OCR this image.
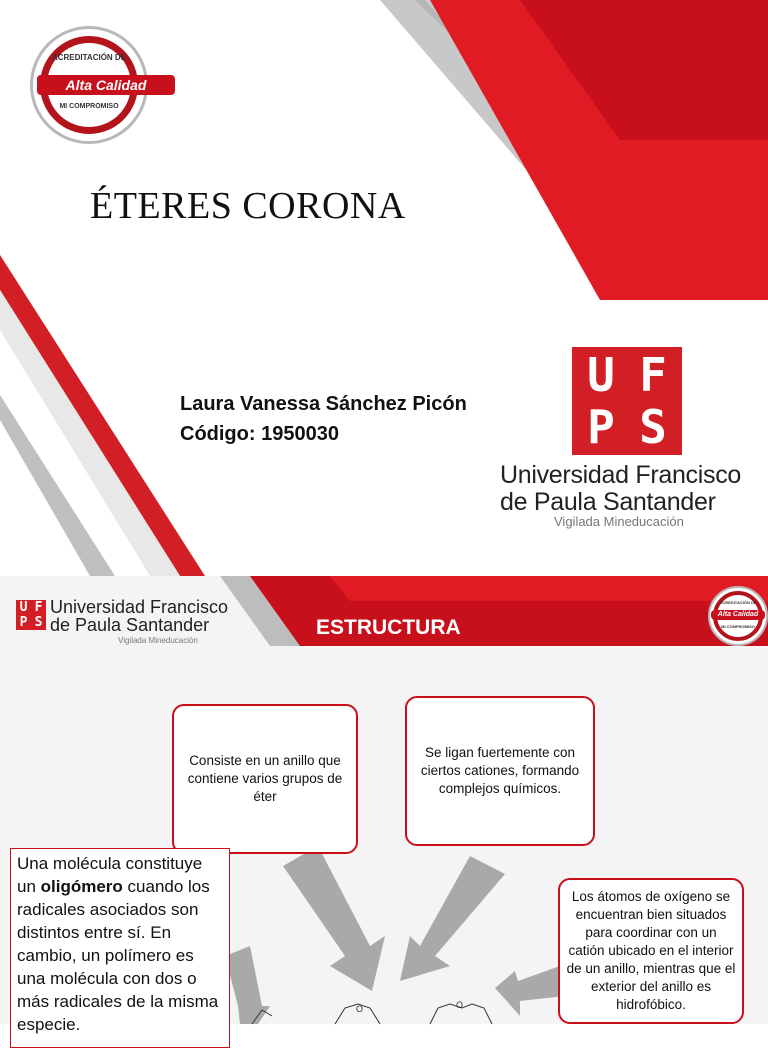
ACREDITACIÓN DE
Alta Calidad
MI COMPROMISO
ÉTERES CORONA
Laura Vanessa Sánchez Picón
Código: 1950030
U F
P S
Universidad Francisco
de Paula Santander
Vigilada Mineducación
U F
P S
Universidad Francisco
de Paula Santander
Vigilada Mineducación
ESTRUCTURA
ACREDITACIÓN DE
Alta Calidad
MI COMPROMISO
Consiste en un anillo que contiene varios grupos de éter
Se ligan fuertemente con ciertos cationes, formando complejos químicos.
Los átomos de oxígeno se encuentran bien situados para coordinar con un catión ubicado en el interior de un anillo, mientras que el exterior del anillo es hidrofóbico.
Una molécula constituye un oligómero cuando los radicales asociados son distintos entre sí. En cambio, un polímero es una molécula con dos o más radicales de la misma especie.
O	O
